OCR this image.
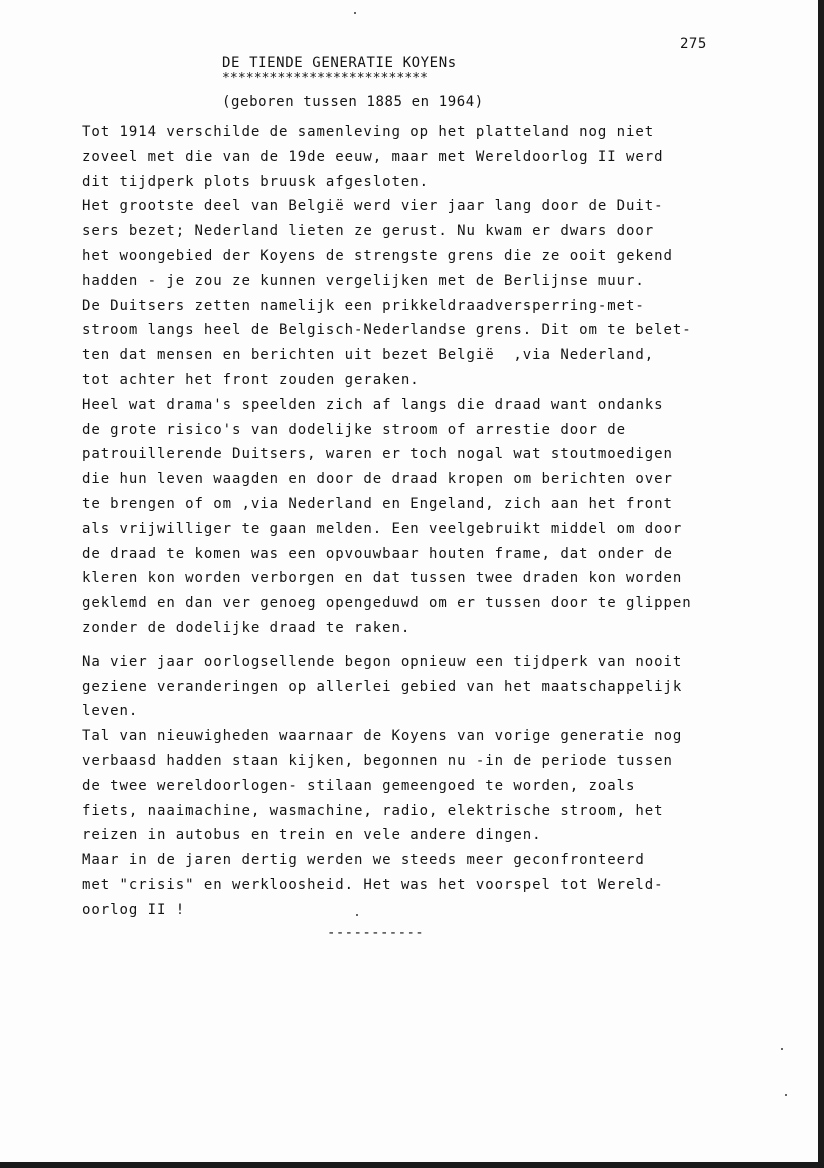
275
DE TIENDE GENERATIE KOYENs
**************************
(geboren tussen 1885 en 1964)
Tot 1914 verschilde de samenleving op het platteland nog niet
zoveel met die van de 19de eeuw, maar met Wereldoorlog II werd
dit tijdperk plots bruusk afgesloten.
Het grootste deel van België werd vier jaar lang door de Duit-
sers bezet; Nederland lieten ze gerust. Nu kwam er dwars door
het woongebied der Koyens de strengste grens die ze ooit gekend
hadden - je zou ze kunnen vergelijken met de Berlijnse muur.
De Duitsers zetten namelijk een prikkeldraadversperring-met-
stroom langs heel de Belgisch-Nederlandse grens. Dit om te belet-
ten dat mensen en berichten uit bezet België  ,via Nederland,
tot achter het front zouden geraken.
Heel wat drama's speelden zich af langs die draad want ondanks
de grote risico's van dodelijke stroom of arrestie door de
patrouillerende Duitsers, waren er toch nogal wat stoutmoedigen
die hun leven waagden en door de draad kropen om berichten over
te brengen of om ,via Nederland en Engeland, zich aan het front
als vrijwilliger te gaan melden. Een veelgebruikt middel om door
de draad te komen was een opvouwbaar houten frame, dat onder de
kleren kon worden verborgen en dat tussen twee draden kon worden
geklemd en dan ver genoeg opengeduwd om er tussen door te glippen
zonder de dodelijke draad te raken.
Na vier jaar oorlogsellende begon opnieuw een tijdperk van nooit
geziene veranderingen op allerlei gebied van het maatschappelijk
leven.
Tal van nieuwigheden waarnaar de Koyens van vorige generatie nog
verbaasd hadden staan kijken, begonnen nu -in de periode tussen
de twee wereldoorlogen- stilaan gemeengoed te worden, zoals
fiets, naaimachine, wasmachine, radio, elektrische stroom, het
reizen in autobus en trein en vele andere dingen.
Maar in de jaren dertig werden we steeds meer geconfronteerd
met "crisis" en werkloosheid. Het was het voorspel tot Wereld-
oorlog II !
-----------
